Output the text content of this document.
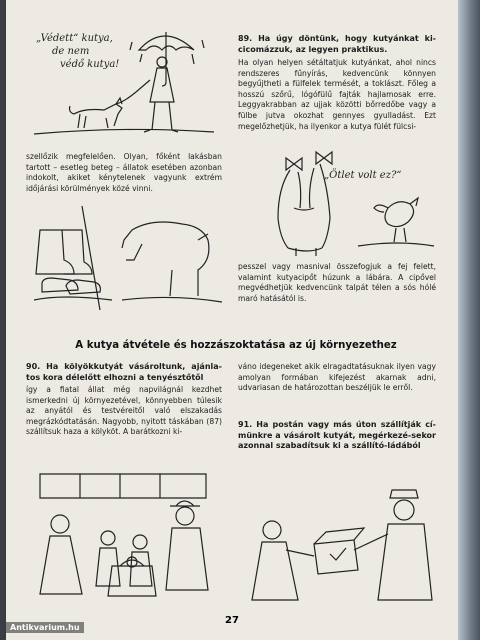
„Védett“ kutya,
de nem
védő kutya!

szellőzik megfelelően. Olyan, főként lakásban tartott – esetleg beteg – állatok esetében azonban indokolt, akiket kénytelenek vagyunk extrém időjárási körülmények közé vinni.

89. Ha úgy döntünk, hogy kutyánkat ki-cicomázzuk, az legyen praktikus.

Ha olyan helyen sétáltatjuk kutyánkat, ahol nincs rendszeres fűnyírás, kedvencünk könnyen begyűjtheti a fülfelek termését, a toklászt. Főleg a hosszú szőrű, lógófülű fajták hajlamosak erre. Leggyakrabban az ujjak közötti bőrredőbe vagy a fülbe jutva okozhat gennyes gyulladást. Ezt megelőzhetjük, ha ilyenkor a kutya fülét fülcsi-

„Ötlet volt ez?“

pesszel vagy masnival összefogjuk a fej felett, valamint kutyacipőt húzunk a lábára. A cipővel megvédhetjük kedvencünk talpát télen a sós hólé maró hatásától is.

A kutya átvétele és hozzászoktatása az új környezethez

90. Ha kölyökkutyát vásároltunk, ajánla-tos kora délelőtt elhozni a tenyésztőtől

így a fiatal állat még napvilágnál kezdhet ismerkedni új környezetével, könnyebben túlesik az anyától és testvéreitől való elszakadás megrázkódtatásán. Nagyobb, nyitott táskában (87) szállítsuk haza a kölyköt. A barátkozni ki-

váno idegeneket akik elragadtatásuknak ilyen vagy amolyan formában kifejezést akarnak adni, udvariasan de határozottan beszéljük le erről.

91. Ha postán vagy más úton szállítják cí-münkre a vásárolt kutyát, megérkezé-sekor azonnal szabadítsuk ki a szállító-ládából

27
Antikvarium.hu
